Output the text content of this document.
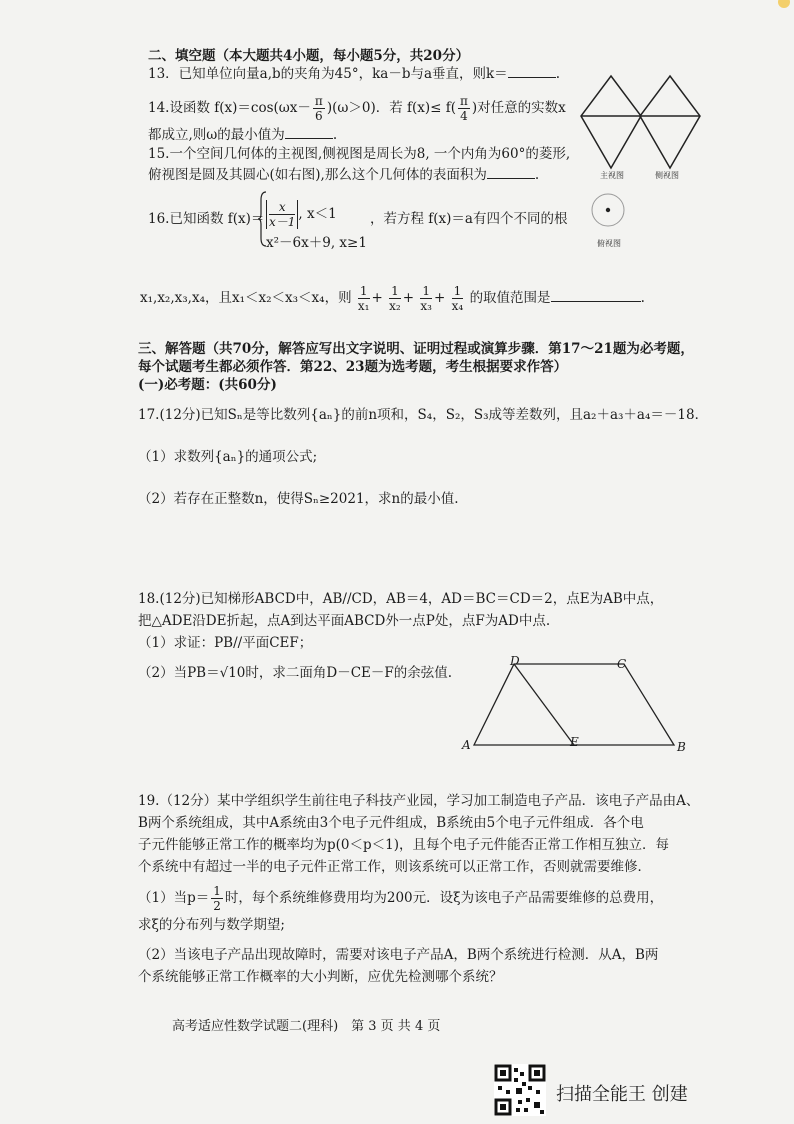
二、填空题（本大题共4小题，每小题5分，共20分）
13．已知单位向量a,b的夹角为45°，ka－b与a垂直，则k＝	.
14.设函数 $f(x)=\cos(\omega x- \frac{\pi}{6} )(\omega>0)$．若 $f(x)\le f( \frac{\pi}{4}$ )对任意的实数x
都成立,则ω的最小值为	.
15.一个空间几何体的主视图,侧视图是周长为8, 一个内角为60°的菱形,
俯视图是圆及其圆心(如右图),那么这个几何体的表面积为	.
16.已知函数 $f(x)= \frac{x}{x-1}$ , x＜1
x²－6x＋9, x≥1
，若方程 f(x)＝a有四个不同的根
x₁,x₂,x₃,x₄，且x₁＜x₂＜x₃＜x₄，则 $\frac{1}{\text{x₁}} + \frac{1}{\text{x₂}} + \frac{1}{\text{x₃}} + \frac{1}{\text{x₄}}$ 的取值范围是	.
主视图	侧视图
俯视图
三、解答题（共70分，解答应写出文字说明、证明过程或演算步骤．第17～21题为必考题，
每个试题考生都必须作答．第22、23题为选考题，考生根据要求作答）
(一)必考题：(共60分)
17.(12分)已知Sₙ是等比数列{aₙ}的前n项和，S₄，S₂，S₃成等差数列，且a₂＋a₃＋a₄＝－18．
（1）求数列{aₙ}的通项公式;
（2）若存在正整数n，使得Sₙ≥2021，求n的最小值.
18.(12分)已知梯形ABCD中，AB//CD，AB＝4，AD＝BC＝CD＝2，点E为AB中点，
把△ADE沿DE折起，点A到达平面ABCD外一点P处，点F为AD中点.
（1）求证：PB//平面CEF；
（2）当PB＝√10时，求二面角D－CE－F的余弦值.
D	C
A	E	B
19.（12分）某中学组织学生前往电子科技产业园，学习加工制造电子产品．该电子产品由A、
B两个系统组成，其中A系统由3个电子元件组成，B系统由5个电子元件组成．各个电
子元件能够正常工作的概率均为p(0＜p＜1)，且每个电子元件能否正常工作相互独立．每
个系统中有超过一半的电子元件正常工作，则该系统可以正常工作，否则就需要维修．
（1）当$p= \frac{1}{2}$ 时，每个系统维修费用均为200元．设ξ为该电子产品需要维修的总费用，
求ξ的分布列与数学期望;
（2）当该电子产品出现故障时，需要对该电子产品A，B两个系统进行检测．从A，B两
个系统能够正常工作概率的大小判断，应优先检测哪个系统？
高考适应性数学试题二(理科)　第 3 页 共 4 页
扫描全能王 创建
